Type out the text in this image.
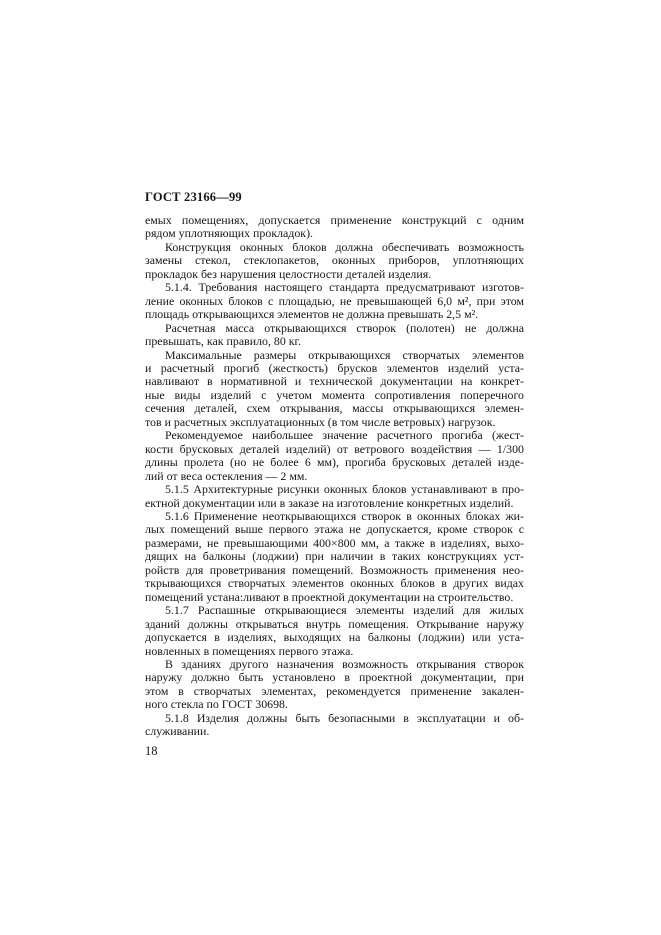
ГОСТ 23166—99
емых помещениях, допускается применение конструкций с одним
рядом уплотняющих прокладок).
Конструкция оконных блоков должна обеспечивать возможность
замены стекол, стеклопакетов, оконных приборов, уплотняющих
прокладок без нарушения целостности деталей изделия.
5.1.4. Требования настоящего стандарта предусматривают изготов-
ление оконных блоков с площадью, не превышающей 6,0 м², при этом
площадь открывающихся элементов не должна превышать 2,5 м².
Расчетная масса открывающихся створок (полотен) не должна
превышать, как правило, 80 кг.
Максимальные размеры открывающихся створчатых элементов
и расчетный прогиб (жесткость) брусков элементов изделий уста-
навливают в нормативной и технической документации на конкрет-
ные виды изделий с учетом момента сопротивления поперечного
сечения деталей, схем открывания, массы открывающихся элемен-
тов и расчетных эксплуатационных (в том числе ветровых) нагрузок.
Рекомендуемое наибольшее значение расчетного прогиба (жест-
кости брусковых деталей изделий) от ветрового воздействия — 1/300
длины пролета (но не более 6 мм), прогиба брусковых деталей изде-
лий от веса остекления — 2 мм.
5.1.5 Архитектурные рисунки оконных блоков устанавливают в про-
ектной документации или в заказе на изготовление конкретных изделий.
5.1.6 Применение неоткрывающихся створок в оконных блоках жи-
лых помещений выше первого этажа не допускается, кроме створок с
размерами, не превышающими 400×800 мм, а также в изделиях, выхо-
дящих на балконы (лоджии) при наличии в таких конструкциях уст-
ройств для проветривания помещений. Возможность применения нео-
ткрывающихся створчатых элементов оконных блоков в других видах
помещений устана:ливают в проектной документации на строительство.
5.1.7 Распашные открывающиеся элементы изделий для жилых
зданий должны открываться внутрь помещения. Открывание наружу
допускается в изделиях, выходящих на балконы (лоджии) или уста-
новленных в помещениях первого этажа.
В зданиях другого назначения возможность открывания створок
наружу должно быть установлено в проектной документации, при
этом в створчатых элементах, рекомендуется применение закален-
ного стекла по ГОСТ 30698.
5.1.8 Изделия должны быть безопасными в эксплуатации и об-
служивании.
18
